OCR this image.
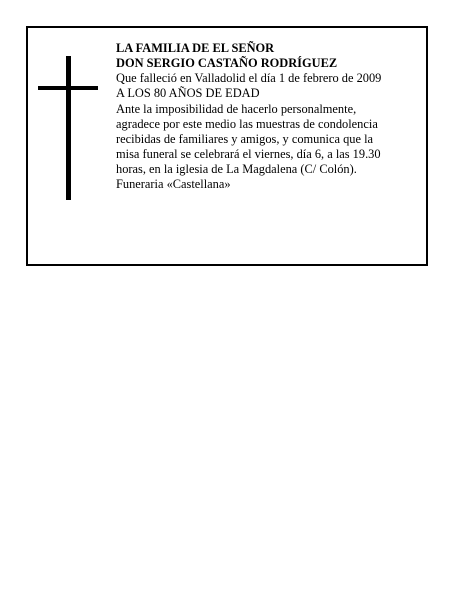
LA FAMILIA DE EL SEÑOR
DON SERGIO CASTAÑO RODRÍGUEZ
Que falleció en Valladolid el día 1 de febrero de 2009
A LOS 80 AÑOS DE EDAD
Ante la imposibilidad de hacerlo personalmente,
agradece por este medio las muestras de condolencia
recibidas de familiares y amigos, y comunica que la
misa funeral se celebrará el viernes, día 6, a las 19.30
horas, en la iglesia de La Magdalena (C/ Colón).
Funeraria «Castellana»
